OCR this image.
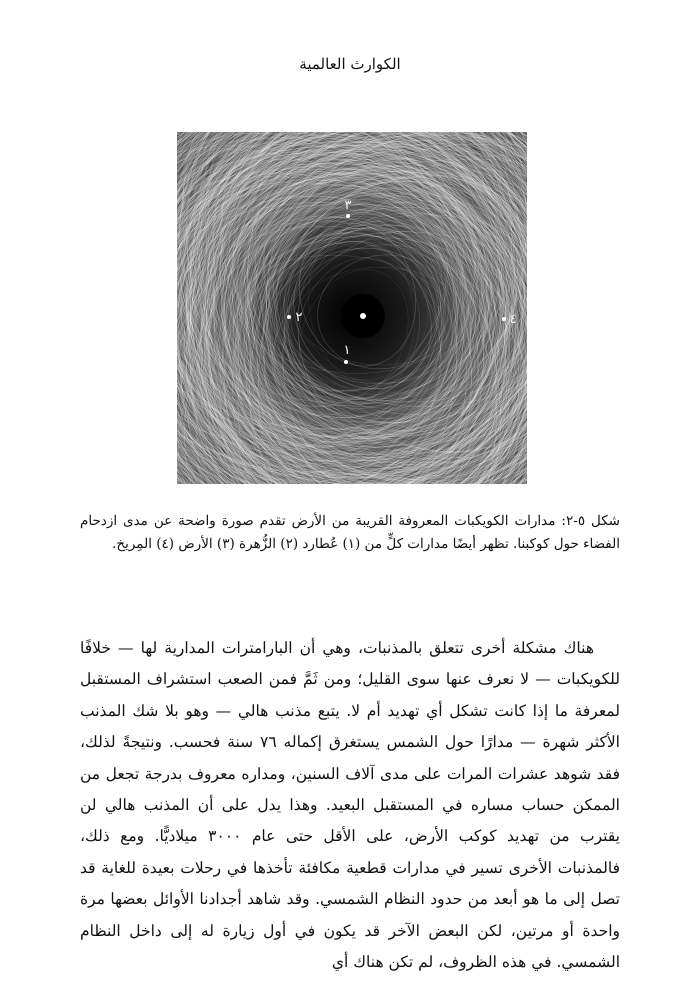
الكوارث العالمية
١
٢
٣
٤

شكل ٥-٢: مدارات الكويكبات المعروفة القريبة من الأرض تقدم صورة واضحة عن مدى ازدحام الفضاء حول كوكبنا. تظهر أيضًا مدارات كلٍّ من (١) عُطارد (٢) الزُّهرة (٣) الأرض (٤) المِريخ.

هناك مشكلة أخرى تتعلق بالمذنبات، وهي أن البارامترات المدارية لها — خلافًا للكويكبات — لا نعرف عنها سوى القليل؛ ومن ثَمَّ فمن الصعب استشراف المستقبل لمعرفة ما إذا كانت تشكل أي تهديد أم لا. يتبع مذنب هالي — وهو بلا شك المذنب الأكثر شهرة — مدارًا حول الشمس يستغرق إكماله ٧٦ سنة فحسب. ونتيجةً لذلك، فقد شوهد عشرات المرات على مدى آلاف السنين، ومداره معروف بدرجة تجعل من الممكن حساب مساره في المستقبل البعيد. وهذا يدل على أن المذنب هالي لن يقترب من تهديد كوكب الأرض، على الأقل حتى عام ٣٠٠٠ ميلاديًّا. ومع ذلك، فالمذنبات الأخرى تسير في مدارات قطعية مكافئة تأخذها في رحلات بعيدة للغاية قد تصل إلى ما هو أبعد من حدود النظام الشمسي. وقد شاهد أجدادنا الأوائل بعضها مرة واحدة أو مرتين، لكن البعض الآخر قد يكون في أول زيارة له إلى داخل النظام الشمسي. في هذه الظروف، لم تكن هناك أي
